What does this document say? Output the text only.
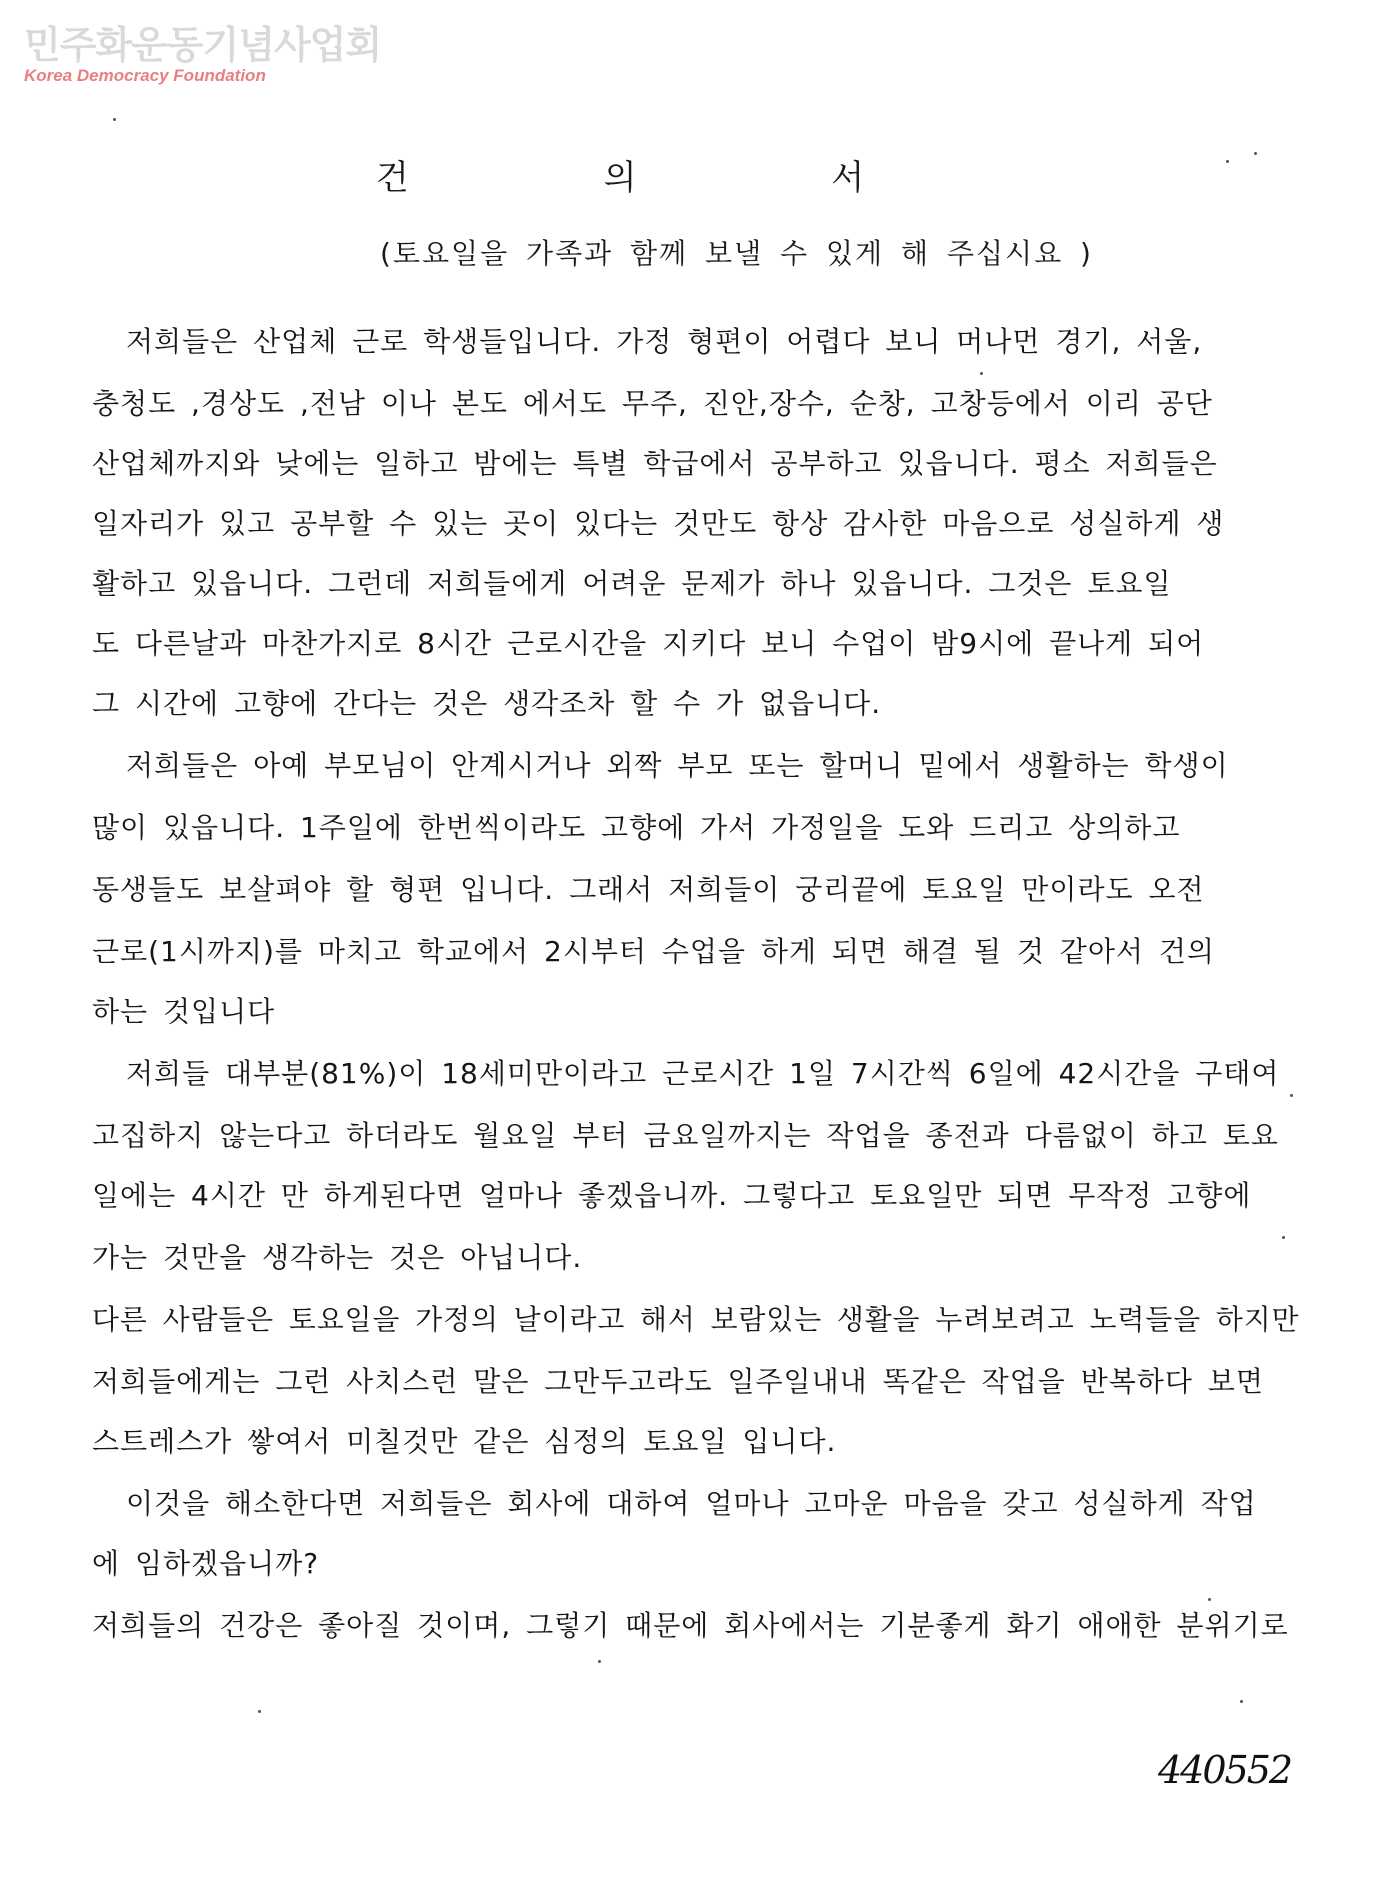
민주화운동기념사업회
Korea Democracy Foundation
건 의 서
(토요일을 가족과 함께 보낼 수 있게 해 주십시요 )
저희들은 산업체 근로 학생들입니다. 가정 형편이 어렵다 보니 머나먼 경기, 서울,
충청도 ,경상도 ,전남 이나 본도 에서도 무주, 진안,장수, 순창, 고창등에서 이리 공단
산업체까지와 낮에는 일하고 밤에는 특별 학급에서 공부하고 있읍니다. 평소 저희들은
일자리가 있고 공부할 수 있는 곳이 있다는 것만도 항상 감사한 마음으로 성실하게 생
활하고 있읍니다. 그런데 저희들에게 어려운 문제가 하나 있읍니다. 그것은 토요일
도 다른날과 마찬가지로 8시간 근로시간을 지키다 보니 수업이 밤9시에 끝나게 되어
그 시간에 고향에 간다는 것은 생각조차 할 수 가 없읍니다.
저희들은 아예 부모님이 안계시거나 외짝 부모 또는 할머니 밑에서 생활하는 학생이
많이 있읍니다. 1주일에 한번씩이라도 고향에 가서 가정일을 도와 드리고 상의하고
동생들도 보살펴야 할 형편 입니다. 그래서 저희들이 궁리끝에 토요일 만이라도 오전
근로(1시까지)를 마치고 학교에서 2시부터 수업을 하게 되면 해결 될 것 같아서 건의
하는 것입니다
저희들 대부분(81%)이 18세미만이라고 근로시간 1일 7시간씩 6일에 42시간을 구태여
고집하지 않는다고 하더라도 월요일 부터 금요일까지는 작업을 종전과 다름없이 하고 토요
일에는 4시간 만 하게된다면 얼마나 좋겠읍니까. 그렇다고 토요일만 되면 무작정 고향에
가는 것만을 생각하는 것은 아닙니다.
다른 사람들은 토요일을 가정의 날이라고 해서 보람있는 생활을 누려보려고 노력들을 하지만
저희들에게는 그런 사치스런 말은 그만두고라도 일주일내내 똑같은 작업을 반복하다 보면
스트레스가 쌓여서 미칠것만 같은 심정의 토요일 입니다.
이것을 해소한다면 저희들은 회사에 대하여 얼마나 고마운 마음을 갖고 성실하게 작업
에 임하겠읍니까?
저희들의 건강은 좋아질 것이며, 그렇기 때문에 회사에서는 기분좋게 화기 애애한 분위기로
440552
